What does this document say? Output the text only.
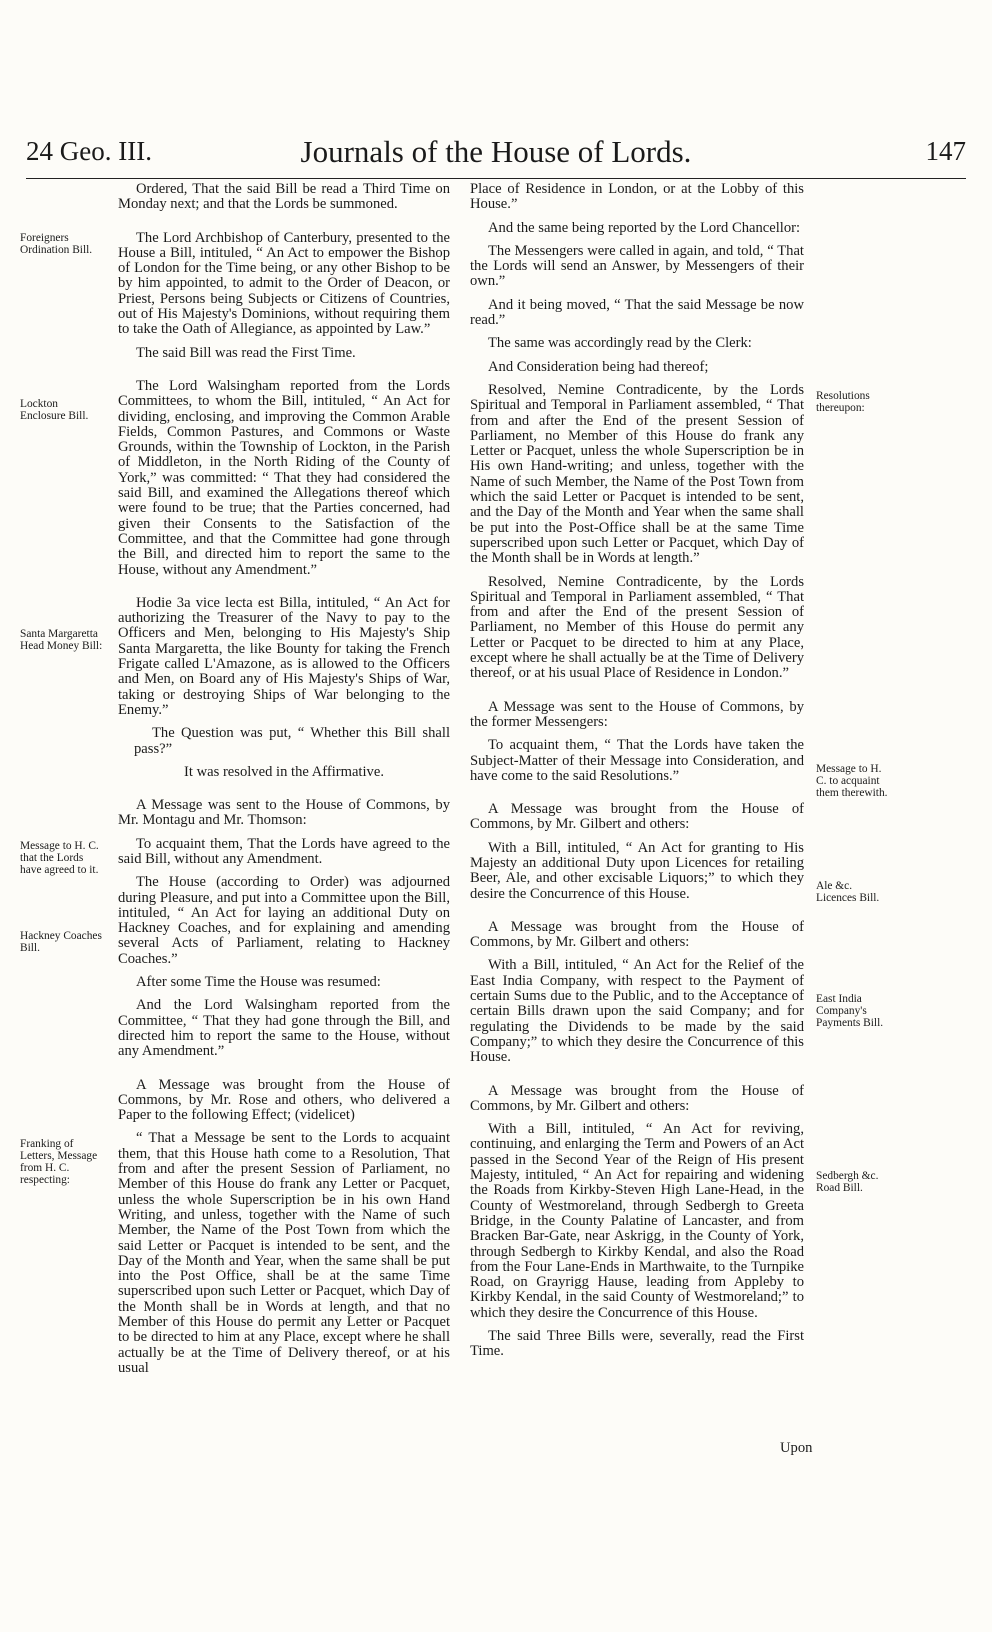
24 Geo. III.	Journals of the House of Lords.	147
Foreigners Ordination Bill.
Lockton Enclosure Bill.
Santa Margaretta Head Money Bill:
Message to H. C. that the Lords have agreed to it.
Hackney Coaches Bill.
Franking of Letters, Message from H. C. respecting:
Resolutions thereupon:
Message to H. C. to acquaint them therewith.
Ale &c. Licences Bill.
East India Company's Payments Bill.
Sedbergh &c. Road Bill.

Ordered, That the said Bill be read a Third Time on Monday next; and that the Lords be summoned.

The Lord Archbishop of Canterbury, presented to the House a Bill, intituled, “ An Act to empower the Bishop of London for the Time being, or any other Bishop to be by him appointed, to admit to the Order of Deacon, or Priest, Persons being Subjects or Citizens of Countries, out of His Majesty's Dominions, without requiring them to take the Oath of Allegiance, as appointed by Law.”

The said Bill was read the First Time.

The Lord Walsingham reported from the Lords Committees, to whom the Bill, intituled, “ An Act for dividing, enclosing, and improving the Common Arable Fields, Common Pastures, and Commons or Waste Grounds, within the Township of Lockton, in the Parish of Middleton, in the North Riding of the County of York,” was committed: “ That they had considered the said Bill, and examined the Allegations thereof which were found to be true; that the Parties concerned, had given their Consents to the Satisfaction of the Committee, and that the Committee had gone through the Bill, and directed him to report the same to the House, without any Amendment.”

Hodie 3a vice lecta est Billa, intituled, “ An Act for authorizing the Treasurer of the Navy to pay to the Officers and Men, belonging to His Majesty's Ship Santa Margaretta, the like Bounty for taking the French Frigate called L'Amazone, as is allowed to the Officers and Men, on Board any of His Majesty's Ships of War, taking or destroying Ships of War belonging to the Enemy.”

The Question was put, “ Whether this Bill shall pass?”

It was resolved in the Affirmative.

A Message was sent to the House of Commons, by Mr. Montagu and Mr. Thomson:

To acquaint them, That the Lords have agreed to the said Bill, without any Amendment.

The House (according to Order) was adjourned during Pleasure, and put into a Committee upon the Bill, intituled, “ An Act for laying an additional Duty on Hackney Coaches, and for explaining and amending several Acts of Parliament, relating to Hackney Coaches.”

After some Time the House was resumed:

And the Lord Walsingham reported from the Committee, “ That they had gone through the Bill, and directed him to report the same to the House, without any Amendment.”

A Message was brought from the House of Commons, by Mr. Rose and others, who delivered a Paper to the following Effect; (videlicet)

“ That a Message be sent to the Lords to acquaint them, that this House hath come to a Resolution, That from and after the present Session of Parliament, no Member of this House do frank any Letter or Pacquet, unless the whole Superscription be in his own Hand Writing, and unless, together with the Name of such Member, the Name of the Post Town from which the said Letter or Pacquet is intended to be sent, and the Day of the Month and Year, when the same shall be put into the Post Office, shall be at the same Time superscribed upon such Letter or Pacquet, which Day of the Month shall be in Words at length, and that no Member of this House do permit any Letter or Pacquet to be directed to him at any Place, except where he shall actually be at the Time of Delivery thereof, or at his usual

Place of Residence in London, or at the Lobby of this House.”

And the same being reported by the Lord Chancellor:

The Messengers were called in again, and told, “ That the Lords will send an Answer, by Messengers of their own.”

And it being moved, “ That the said Message be now read.”

The same was accordingly read by the Clerk:

And Consideration being had thereof;

Resolved, Nemine Contradicente, by the Lords Spiritual and Temporal in Parliament assembled, “ That from and after the End of the present Session of Parliament, no Member of this House do frank any Letter or Pacquet, unless the whole Superscription be in His own Hand-writing; and unless, together with the Name of such Member, the Name of the Post Town from which the said Letter or Pacquet is intended to be sent, and the Day of the Month and Year when the same shall be put into the Post-Office shall be at the same Time superscribed upon such Letter or Pacquet, which Day of the Month shall be in Words at length.”

Resolved, Nemine Contradicente, by the Lords Spiritual and Temporal in Parliament assembled, “ That from and after the End of the present Session of Parliament, no Member of this House do permit any Letter or Pacquet to be directed to him at any Place, except where he shall actually be at the Time of Delivery thereof, or at his usual Place of Residence in London.”

A Message was sent to the House of Commons, by the former Messengers:

To acquaint them, “ That the Lords have taken the Subject-Matter of their Message into Consideration, and have come to the said Resolutions.”

A Message was brought from the House of Commons, by Mr. Gilbert and others:

With a Bill, intituled, “ An Act for granting to His Majesty an additional Duty upon Licences for retailing Beer, Ale, and other excisable Liquors;” to which they desire the Concurrence of this House.

A Message was brought from the House of Commons, by Mr. Gilbert and others:

With a Bill, intituled, “ An Act for the Relief of the East India Company, with respect to the Payment of certain Sums due to the Public, and to the Acceptance of certain Bills drawn upon the said Company; and for regulating the Dividends to be made by the said Company;” to which they desire the Concurrence of this House.

A Message was brought from the House of Commons, by Mr. Gilbert and others:

With a Bill, intituled, “ An Act for reviving, continuing, and enlarging the Term and Powers of an Act passed in the Second Year of the Reign of His present Majesty, intituled, “ An Act for repairing and widening the Roads from Kirkby-Steven High Lane-Head, in the County of Westmoreland, through Sedbergh to Greeta Bridge, in the County Palatine of Lancaster, and from Bracken Bar-Gate, near Askrigg, in the County of York, through Sedbergh to Kirkby Kendal, and also the Road from the Four Lane-Ends in Marthwaite, to the Turnpike Road, on Grayrigg Hause, leading from Appleby to Kirkby Kendal, in the said County of Westmoreland;” to which they desire the Concurrence of this House.

The said Three Bills were, severally, read the First Time.

Upon
